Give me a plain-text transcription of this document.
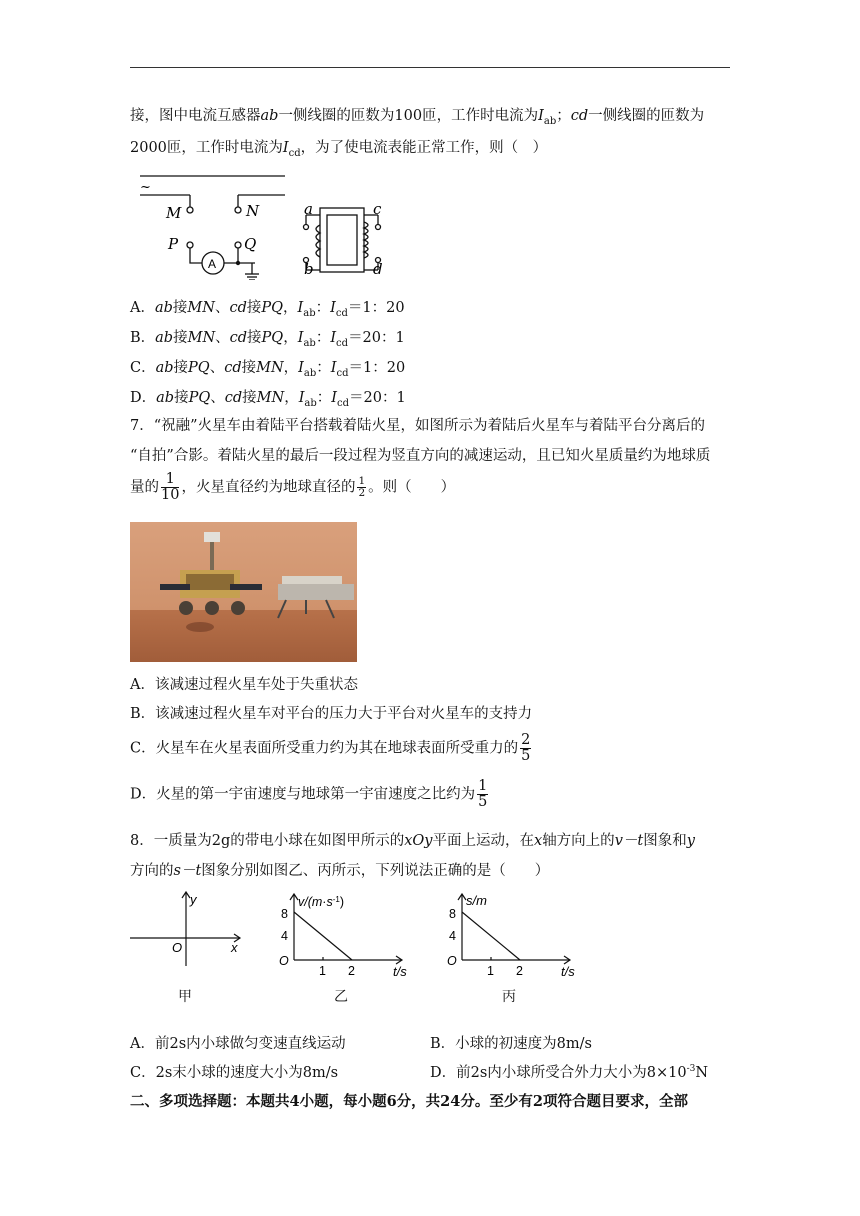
接，图中电流互感器ab一侧线圈的匝数为100匝，工作时电流为$I_{ab}$；cd一侧线圈的匝数为
2000匝，工作时电流为$I_{cd}$，为了使电流表能正常工作，则（　）
~
M	N
P	Q
A
a
b
c
d
A．ab接MN、cd接PQ，$I_{ab}$：$I_{cd}=1$：20
B．ab接MN、cd接PQ，$I_{ab}$：$I_{cd}=20$：1
C．ab接PQ、cd接MN，$I_{ab}$：$I_{cd}=1$：20
D．ab接PQ、cd接MN，$I_{ab}$：$I_{cd}=20$：1
7．“祝融”火星车由着陆平台搭载着陆火星，如图所示为着陆后火星车与着陆平台分离后的
“自拍”合影。着陆火星的最后一段过程为竖直方向的减速运动，且已知火星质量约为地球质
量的 $\frac{1}{10}$ ，火星直径约为地球直径的 $\frac{1}{2}$ 。则（　　）
A．该减速过程火星车处于失重状态
B．该减速过程火星车对平台的压力大于平台对火星车的支持力
C．火星车在火星表面所受重力约为其在地球表面所受重力的 $\frac{2}{5}$
D．火星的第一宇宙速度与地球第一宇宙速度之比约为 $\frac{1}{5}$
8．一质量为2g的带电小球在如图甲所示的xOy平面上运动，在x轴方向上的v－t图象和y
方向的s－t图象分别如图乙、丙所示，下列说法正确的是（　　）
y
x
O
甲
$v/(m\cdot s^{-1})$
8
4
O
1 2	t/s
乙
s/m
8
4
O
1 2	t/s
丙
A．前2s内小球做匀变速直线运动	B．小球的初速度为8m/s
C．2s末小球的速度大小为8m/s	D．前2s内小球所受合外力大小为$8\times 10^{-3}N$
二、多项选择题：本题共4小题，每小题6分，共24分。至少有2项符合题目要求，全部
